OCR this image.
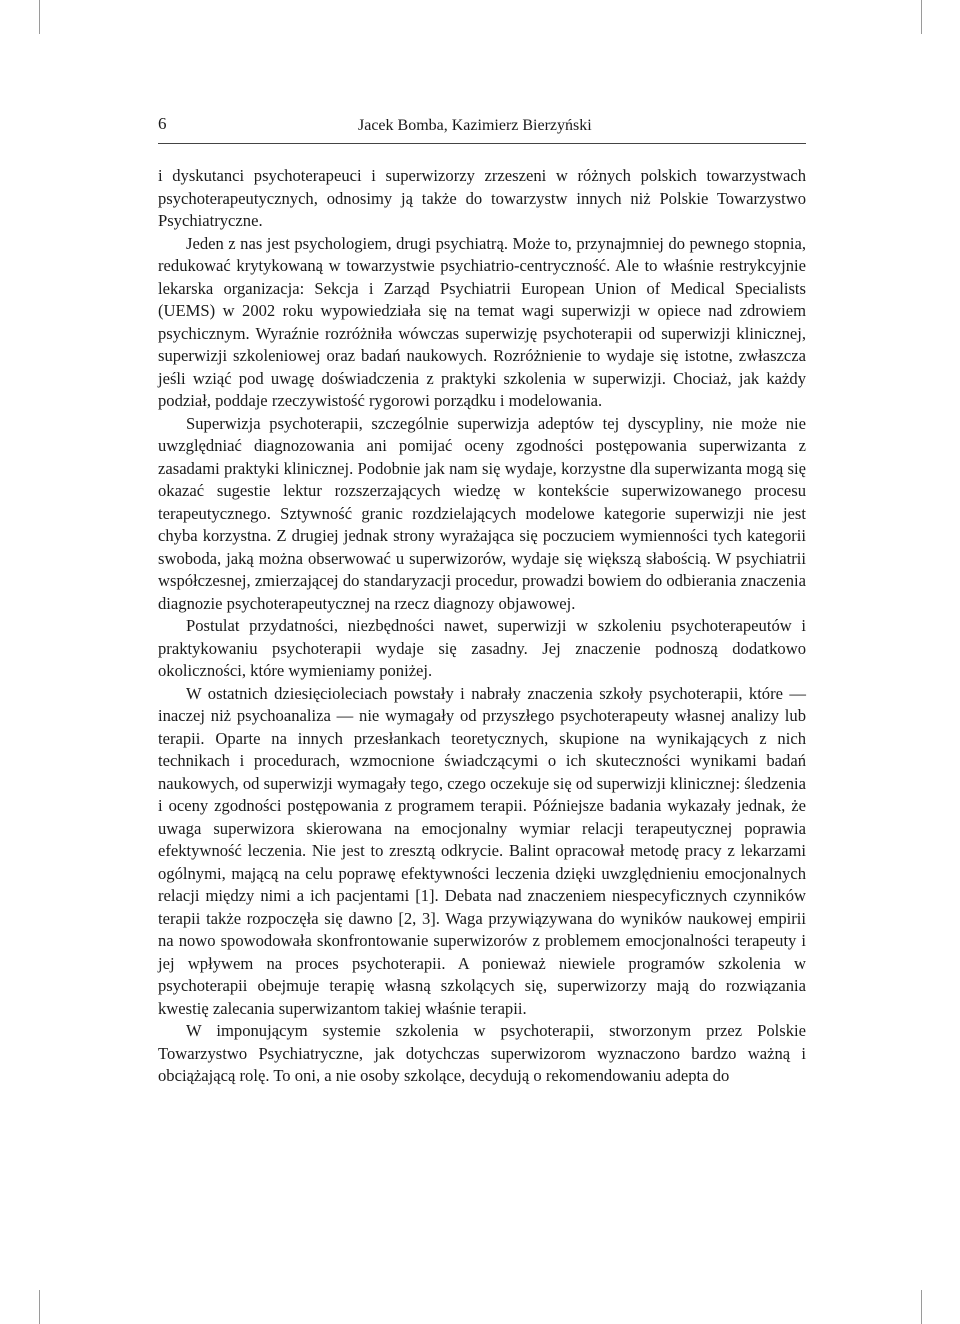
6	Jacek Bomba, Kazimierz Bierzyński

i dyskutanci psychoterapeuci i superwizorzy zrzeszeni w różnych polskich towarzystwach psychoterapeutycznych, odnosimy ją także do towarzystw innych niż Polskie Towarzystwo Psychiatryczne.

Jeden z nas jest psychologiem, drugi psychiatrą. Może to, przynajmniej do pewnego stopnia, redukować krytykowaną w towarzystwie psychiatrio-centryczność. Ale to właśnie restrykcyjnie lekarska organizacja: Sekcja i Zarząd Psychiatrii European Union of Medical Specialists (UEMS) w 2002 roku wypowiedziała się na temat wagi superwizji w opiece nad zdrowiem psychicznym. Wyraźnie rozróżniła wówczas superwizję psychoterapii od superwizji klinicznej, superwizji szkoleniowej oraz badań naukowych. Rozróżnienie to wydaje się istotne, zwłaszcza jeśli wziąć pod uwagę doświadczenia z praktyki szkolenia w superwizji. Chociaż, jak każdy podział, poddaje rzeczywistość rygorowi porządku i modelowania.

Superwizja psychoterapii, szczególnie superwizja adeptów tej dyscypliny, nie może nie uwzględniać diagnozowania ani pomijać oceny zgodności postępowania superwizanta z zasadami praktyki klinicznej. Podobnie jak nam się wydaje, korzystne dla superwizanta mogą się okazać sugestie lektur rozszerzających wiedzę w kontekście superwizowanego procesu terapeutycznego. Sztywność granic rozdzielających modelowe kategorie superwizji nie jest chyba korzystna. Z drugiej jednak strony wyrażająca się poczuciem wymienności tych kategorii swoboda, jaką można obserwować u superwizorów, wydaje się większą słabością. W psychiatrii współczesnej, zmierzającej do standaryzacji procedur, prowadzi bowiem do odbierania znaczenia diagnozie psychoterapeutycznej na rzecz diagnozy objawowej.

Postulat przydatności, niezbędności nawet, superwizji w szkoleniu psychoterapeutów i praktykowaniu psychoterapii wydaje się zasadny. Jej znaczenie podnoszą dodatkowo okoliczności, które wymieniamy poniżej.

W ostatnich dziesięcioleciach powstały i nabrały znaczenia szkoły psychoterapii, które — inaczej niż psychoanaliza — nie wymagały od przyszłego psychoterapeuty własnej analizy lub terapii. Oparte na innych przesłankach teoretycznych, skupione na wynikających z nich technikach i procedurach, wzmocnione świadczącymi o ich skuteczności wynikami badań naukowych, od superwizji wymagały tego, czego oczekuje się od superwizji klinicznej: śledzenia i oceny zgodności postępowania z programem terapii. Późniejsze badania wykazały jednak, że uwaga superwizora skierowana na emocjonalny wymiar relacji terapeutycznej poprawia efektywność leczenia. Nie jest to zresztą odkrycie. Balint opracował metodę pracy z lekarzami ogólnymi, mającą na celu poprawę efektywności leczenia dzięki uwzględnieniu emocjonalnych relacji między nimi a ich pacjentami [1]. Debata nad znaczeniem niespecyficznych czynników terapii także rozpoczęła się dawno [2, 3]. Waga przywiązywana do wyników naukowej empirii na nowo spowodowała skonfrontowanie superwizorów z problemem emocjonalności terapeuty i jej wpływem na proces psychoterapii. A ponieważ niewiele programów szkolenia w psychoterapii obejmuje terapię własną szkolących się, superwizorzy mają do rozwiązania kwestię zalecania superwizantom takiej właśnie terapii.

W imponującym systemie szkolenia w psychoterapii, stworzonym przez Polskie Towarzystwo Psychiatryczne, jak dotychczas superwizorom wyznaczono bardzo ważną i obciążającą rolę. To oni, a nie osoby szkolące, decydują o rekomendowaniu adepta do
